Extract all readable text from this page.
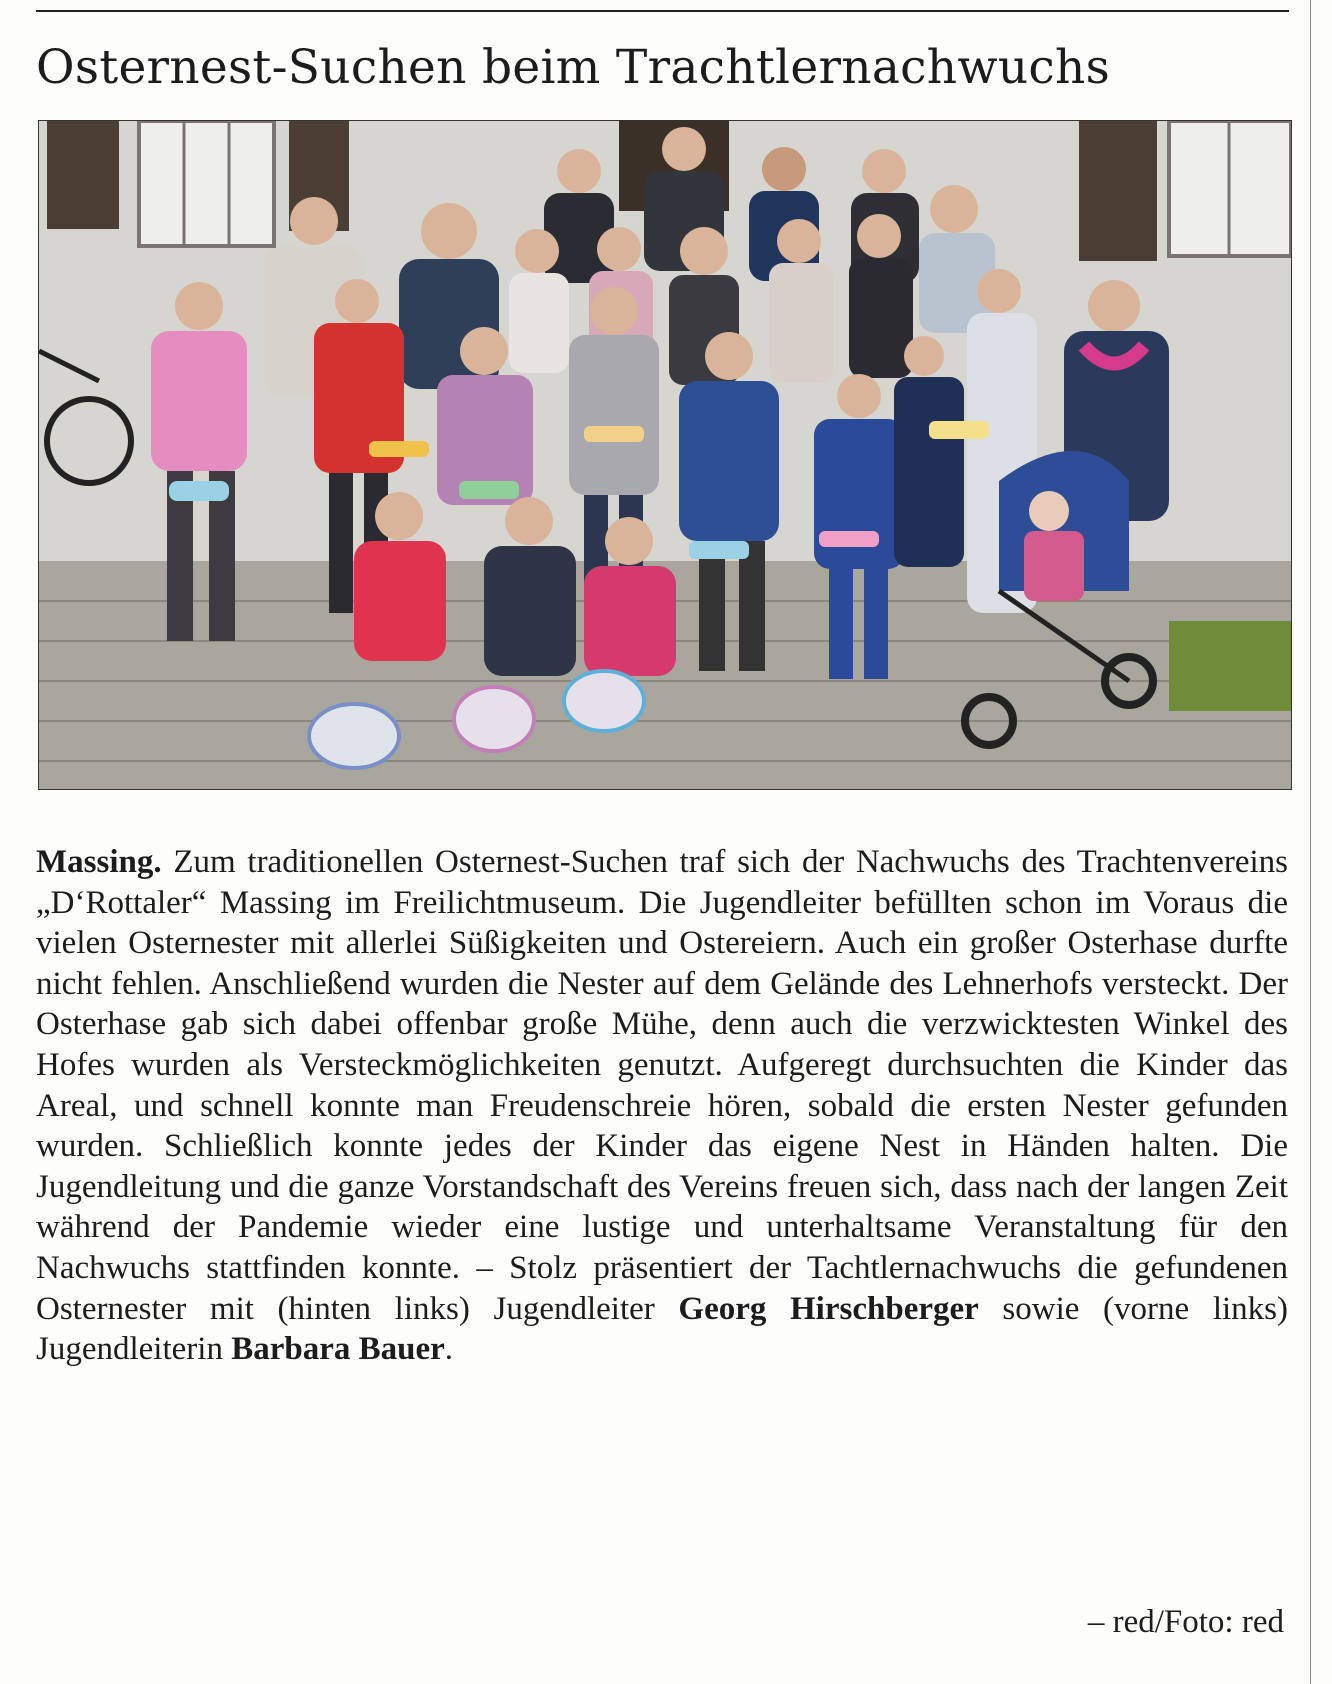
Osternest-Suchen beim Trachtlernachwuchs

Massing. Zum traditionellen Osternest-Suchen traf sich der Nachwuchs des Trachtenvereins „D‘Rottaler“ Massing im Freilichtmuseum. Die Jugendleiter befüllten schon im Voraus die vielen Osternester mit allerlei Süßigkeiten und Ostereiern. Auch ein großer Osterhase durfte nicht fehlen. Anschließend wurden die Nester auf dem Gelände des Lehnerhofs versteckt. Der Osterhase gab sich dabei offenbar große Mühe, denn auch die verzwicktesten Winkel des Hofes wurden als Versteckmöglichkeiten genutzt. Aufgeregt durchsuchten die Kinder das Areal, und schnell konnte man Freudenschreie hören, sobald die ersten Nester gefunden wurden. Schließlich konnte jedes der Kinder das eigene Nest in Händen halten. Die Jugendleitung und die ganze Vorstandschaft des Vereins freuen sich, dass nach der langen Zeit während der Pandemie wieder eine lustige und unterhaltsame Veranstaltung für den Nachwuchs stattfinden konnte. – Stolz präsentiert der Tachtlernachwuchs die gefundenen Osternester mit (hinten links) Jugendleiter Georg Hirschberger sowie (vorne links) Jugendleiterin Barbara Bauer.

– red/Foto: red
